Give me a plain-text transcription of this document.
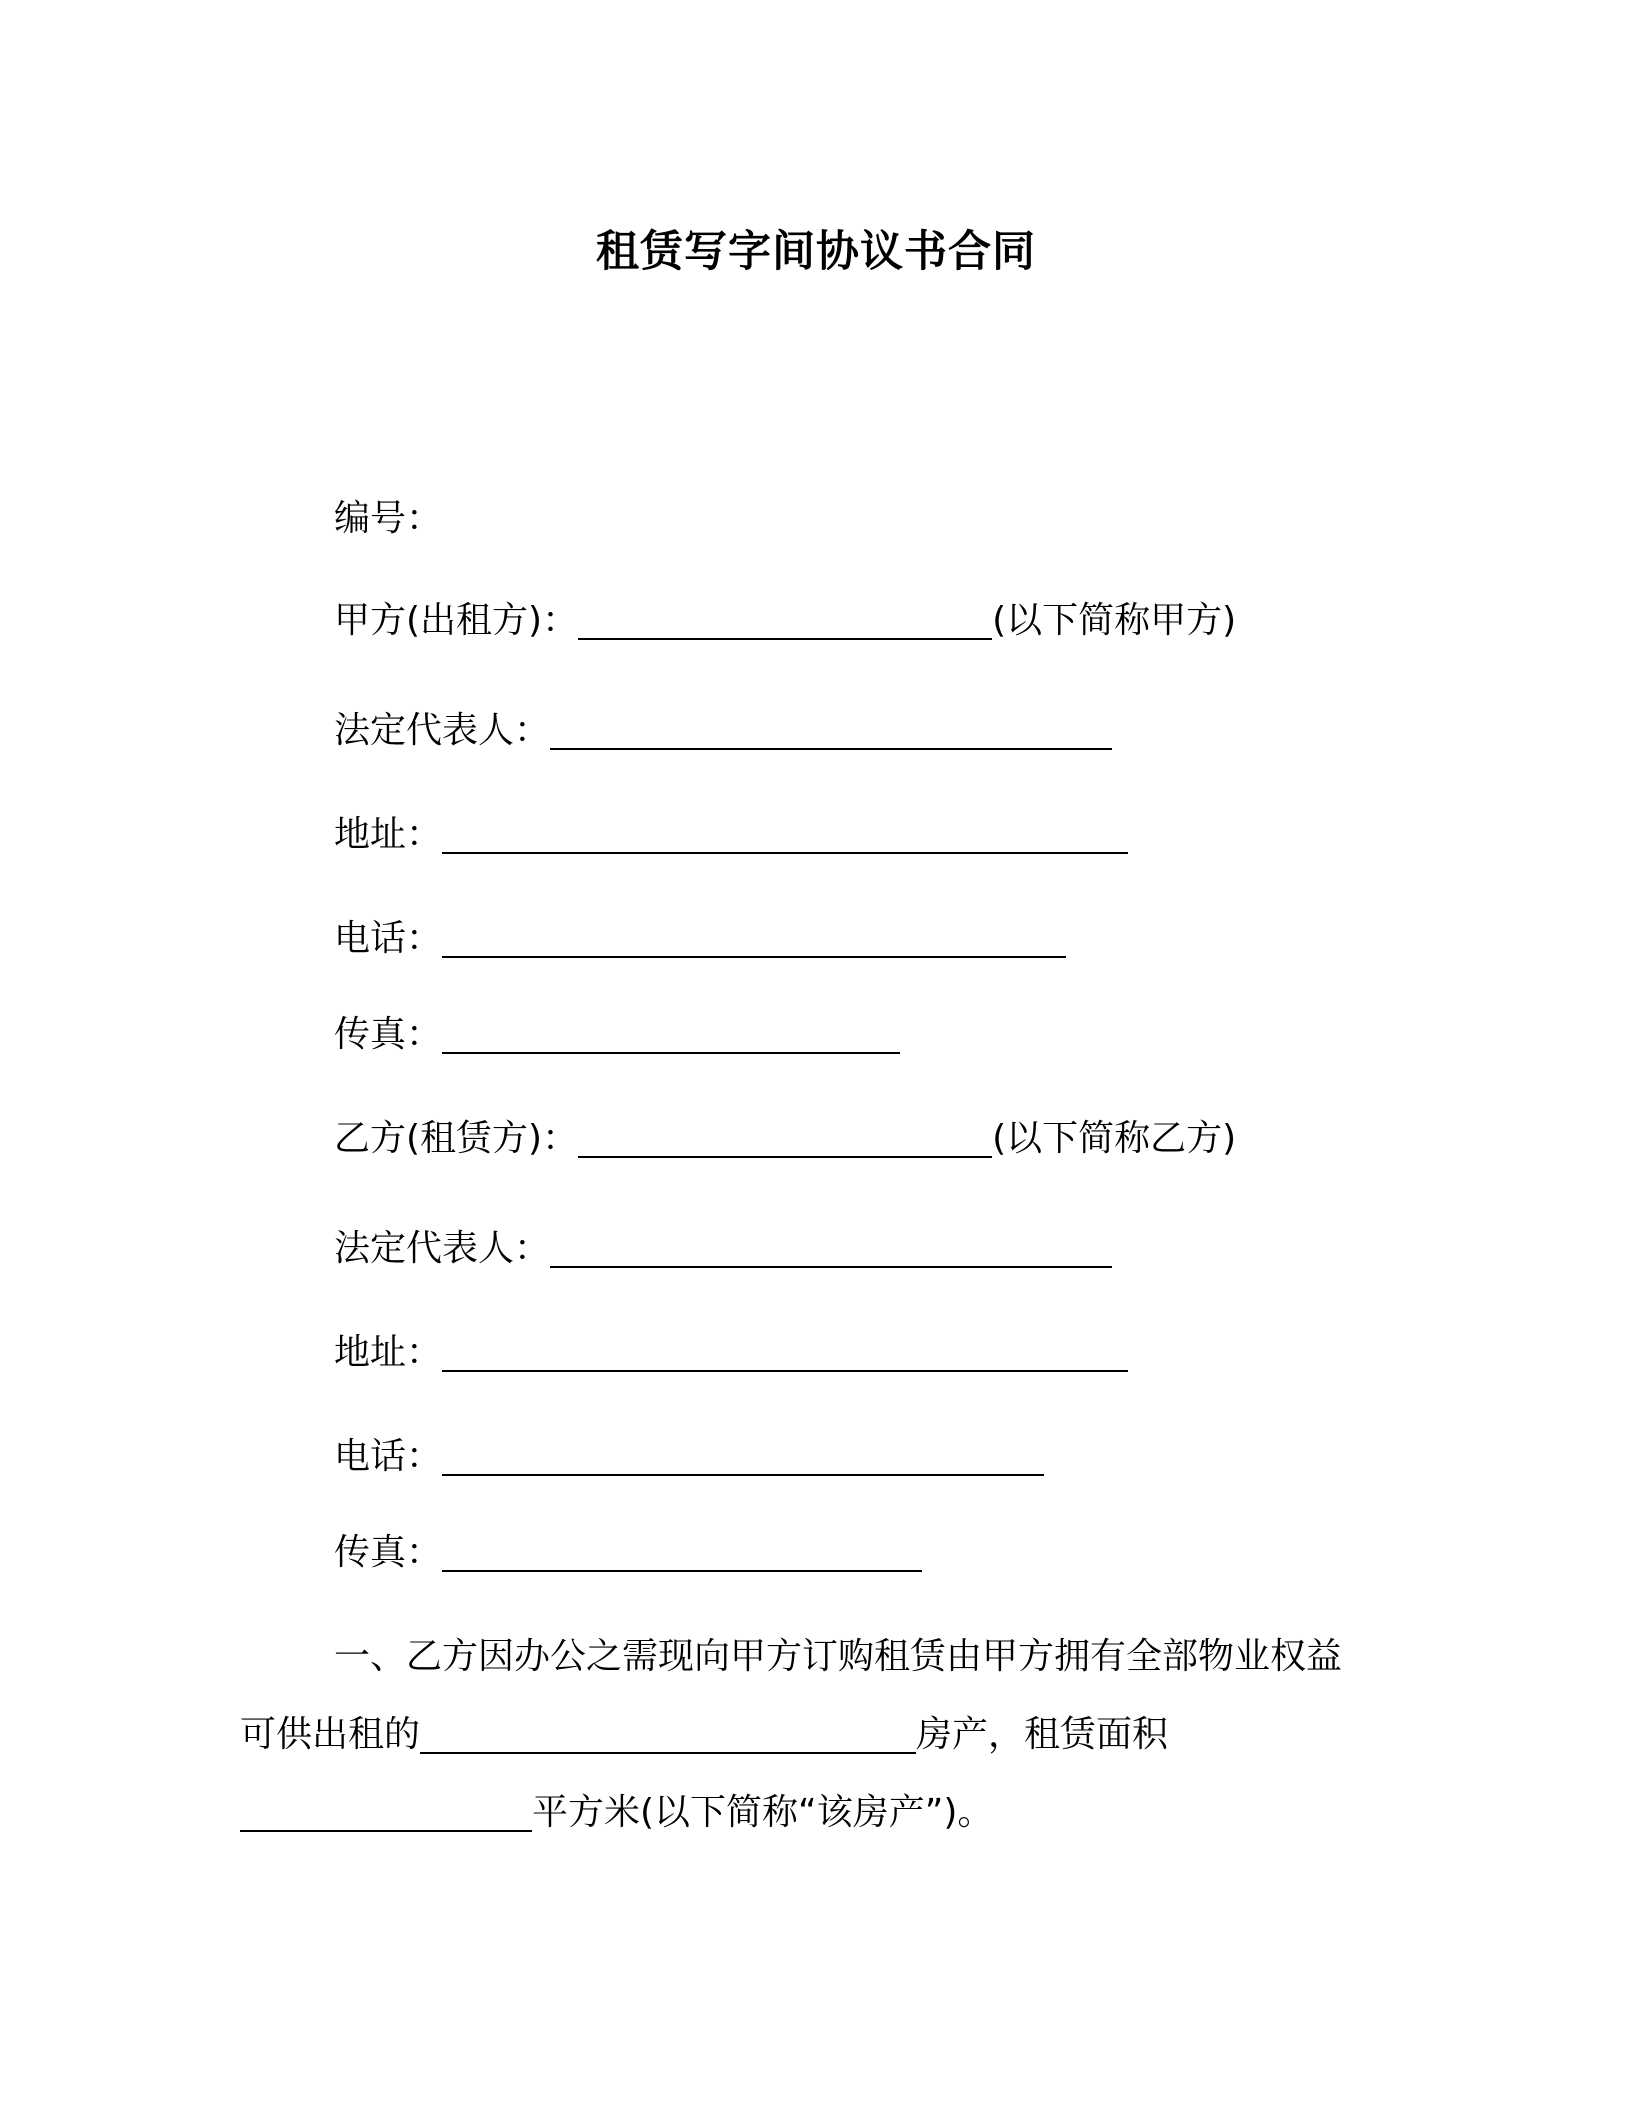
租赁写字间协议书合同
编号：
甲方(出租方)：	(以下简称甲方)
法定代表人：
地址：
电话：
传真：
乙方(租赁方)：	(以下简称乙方)
法定代表人：
地址：
电话：
传真：
一、乙方因办公之需现向甲方订购租赁由甲方拥有全部物业权益
可供出租的	房产，租赁面积
平方米(以下简称“该房产”)。
